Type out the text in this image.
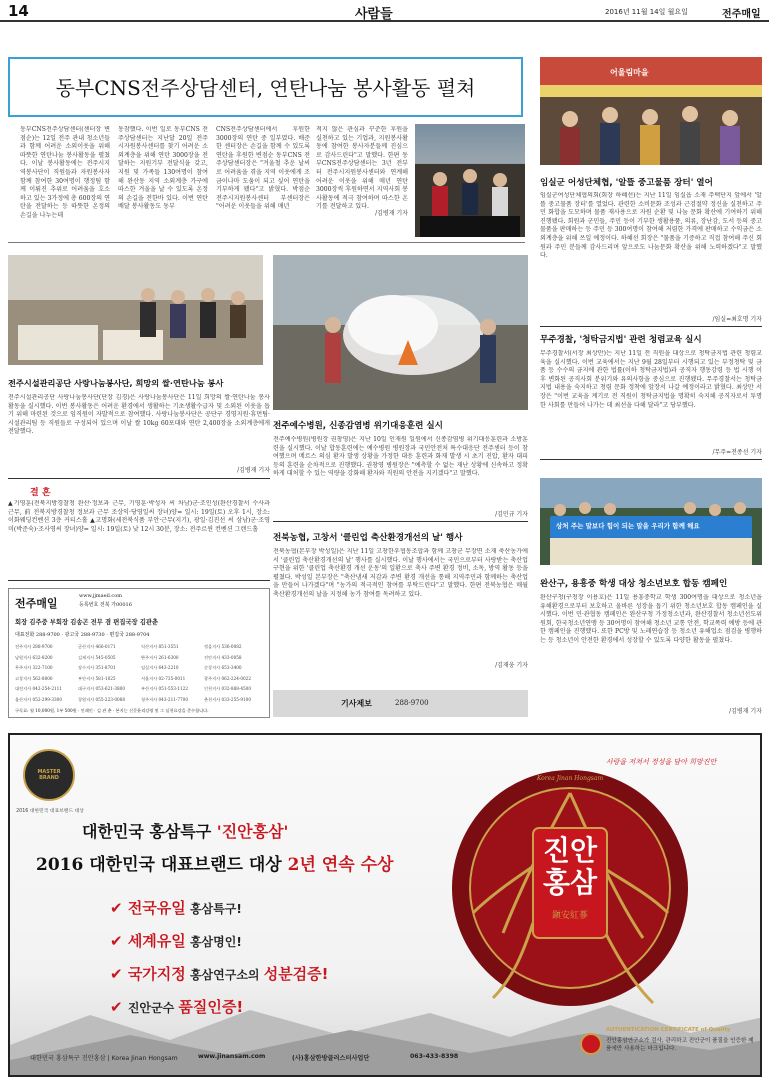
14	사람들	2016년 11월 14일 월요일	전주매일
동부CNS전주상담센터, 연탄나눔 봉사활동 펼쳐
동부CNS전주상담센터(센터장 변점순)는 12일 전주 관내 청소년들과 함께 어려운 소외이웃을 위해 따뜻한 연탄나눔 봉사활동을 펼쳤다. 이날 봉사활동에는 전주시지역봉사단이 직원들과 자원봉사자 함께 참여한 30여명이 행정팀 함께 이뤄진 추위로 어려움을 호소하고 있는 3가정에 총 600장의 연탄을 전달하는 등 따뜻한 온정의 손길을 나누는데
동참했다. 이번 일로 동부CNS 전주상담센터는 지난달 20일 전주시자원봉사센터를 찾기 어려운 소외계층을 위해 연탄 3000장을 전달하는 지원기부 전달식을 갖고, 지원 및 가족들 130여명이 참여해 완산동 지역 소외계층 가구에 따스한 겨울을 날 수 있도록 온정의 손길을 전한바 있다. 이번 연탄배달 봉사활동도 동부
CNS전주상담센터에서 후원한 3000장의 연탄 중 일부였다. 배준한 센터장은 손길을 함께 수 있도록 연탄을 후원한 변점순 동부CNS 전주상담센터장은 "겨울철 추운 날씨로 어려움을 겪을 지역 이웃에게 조금이나마 도움이 되고 싶어 연탄을 기부하게 됐다"고 밝혔다. 박점순 전주시지원봉사센터 부센터장은 "어려운 이웃들을 위해 매년
적지 않은 관심과 꾸준한 후원을 실천하고 있는 기업과, 지원봉사활동에 참여한 봉사자분들께 진심으로 감사드린다"고 말했다. 한편 동부CNS전주상담센터는 3년 전부터 전주시지원봉사센터와 연계해 어려운 이웃을 위해 매년 연탄 3000장씩 후원하면서 지역사회 봉사활동에 적극 참여하며 따스한 온기를 전달하고 있다.
/김병재 기자
어울림마을
임실군 어성단체협, '알뜰 중고물품 장터' 열어
임실군여성단체협의회(회장 하혜선)는 지난 11일 임실읍 소재 주택단지 앞에서 '알뜰 중고물품 장터'를 열었다. 관련한 소비문화 조성과 근검절약 정신을 실천하고 주민 화합을 도모하며 물품 재사용으로 자원 순환 및 나눔 문화 확산에 기여하기 위해 진행됐다. 회원과 군민들, 주민 등이 기부한 생활용품, 의류, 장난감, 도서 등의 중고물품을 판매하는 등 주민 등 300여명이 참여해 저렴한 가격에 판매하고 수익금은 소외계층을 위해 쓰일 예정이다. 하혜선 회장은 "물품을 기증하고 직접 참여해 주신 회원과 주민 분들께 감사드리며 앞으로도 나눔문화 확산을 위해 노력하겠다"고 말했다.
/임실=최호명 기자
무주경찰, '청탁금지법' 관련 청렴교육 실시
무주경찰서(서장 최상만)는 지난 11일 전 직원을 대상으로 청탁금지법 관련 청렴교육을 실시했다. 이번 교육에서는 지난 9월 28일부터 시행되고 있는 부정청탁 및 금품 등 수수의 금지에 관한 법률(이하 청탁금지법)과 공직자 행동강령 등 법 시행 이후 변화된 공직사회 분위기와 유의사항을 중심으로 진행됐다. 무주경찰서는 청탁금지법 내용을 숙지하고 청렴 문화 정착에 앞장서 나갈 예정이라고 밝혔다. 최상만 서장은 "이번 교육을 계기로 전 직원이 청탁금지법을 명확히 숙지해 공직자로서 투명한 사회를 만들어 나가는 데 최선을 다해 달라"고 당부했다.
/무주=전종선 기자
상처 주는 말보다 힘이 되는 말을 우리가 함께 해요
완산구, 용흥중 학생 대상 청소년보호 합동 캠페인
완산구청(구청장 이용호)은 11일 용흥중학교 학생 300여명을 대상으로 청소년을 유해환경으로부터 보호하고 올바른 성장을 돕기 위한 청소년보호 합동 캠페인을 실시했다. 이번 민·관협동 캠페인은 완산구청 가정청소년과, 완산경찰서 청소년선도위원회, 한국청소년연맹 등 30여명이 참여해 청소년 교통 안전, 학교폭력 예방 등에 관한 캠페인을 진행했다. 또한 PC방 및 노래연습장 등 청소년 유해업소 점검을 병행하는 등 청소년이 안전한 환경에서 성장할 수 있도록 다양한 활동을 펼쳤다.
/김병재 기자
전주시설관리공단 사랑나눔봉사단, 희망의 쌀·연탄나눔 봉사
전주시설관리공단 사랑나눔봉사단(단장 김경)은 사랑나눔봉사단은 11일 희망의 쌀·연탄나눔 봉사활동을 실시했다. 이번 봉사활동은 어려운 환경에서 생활하는 기초생활수급자 및 소외된 이웃을 돕기 위해 마련된 것으로 임직원이 자발적으로 참여했다. 사랑나눔봉사단은 공단구 경영지원·휴먼팀·시설관리팀 등 직원들로 구성되어 있으며 이날 쌀 10kg 60포대와 연탄 2,400장을 소외계층에게 전달했다.
/김병재 기자
결 혼
▲기영훈(전북지방경찰청 완산·정보과 근무, 기영훈·박성자 씨 차남)군·조인성(완산경찰서 수사과 근무, 前 전북지방경찰청 정보과 근무 조상익·당영일씨 장녀)양= 일시: 19일(토) 오후 1시, 장소: 이화웨딩컨벤션 3층 커티스홀 ▲고명화(세전북식품 부안·근무(지기), 광일·김진선 씨 삼남)군·조영미(박준숙)·조사영씨 장녀)양= 일시: 19일(토) 낮 12시 30분, 장소: 전주르윈 컨벤션 그랜드홀
전주매일
www.jjmaeil.com
등록번호 전북 가00016
회장 김주중 부회장 김송곤 전무 겸 편집국장 김관춘
대표전화 288-9700 · 광고국 288-9730 · 편집국 288-9704
전주지사 288-9700	군산지사 466-0171	익산지사 851-3551	정읍지사 536-0082
남원지사 632-8200	김제지사 545-0505	완주지사 261-6300	진안지사 433-0058
무주지사 322-7100	장수지사 351-8701	임실지사 643-2210	순창지사 653-3400
고창지사 562-8000	부안지사 581-1025	서울지사 02-735-0011	광주지사 062-224-0022
대전지사 042-254-2111	대구지사 053-621-3800	부산지사 051-553-1122	인천지사 032-888-4500
울산지사 052-299-3300	창원지사 055-223-0088	청주지사 043-211-7700	춘천지사 033-255-9100
구독료: 월 10,000원, 1부 500원 · 인쇄인 · 김 관 춘 · 본지는 신문윤리강령 및 그 실천요강을 준수합니다.
전주예수병원, 신종감염병 위기대응훈련 실시
전주예수병원(병원장 권창영)은 지난 10일 인재원 일원에서 신종감염병 위기대응훈련과 소방훈련을 실시했다. 이날 합동훈련에는 예수병원 병원장과 국민안전처 특수대응단 전주센터 등이 참여했으며 메르스 의심 환자 발생 상황을 가정한 대응 훈련과 화재 발생 시 초기 진압, 환자 대피 등의 훈련을 순차적으로 진행했다. 권창영 병원장은 "예측할 수 없는 재난 상황에 신속하고 정확하게 대처할 수 있는 역량을 강화해 환자와 직원의 안전을 지키겠다"고 말했다.
/김민규 기자
전북농협, 고창서 '클린업 축산환경개선의 날' 행사
전북농협(본부장 박성일)은 지난 11일 고창한우협동조합과 함께 고창군 무장면 소재 축산농가에서 '클린업 축산환경개선의 날' 행사를 실시했다. 이날 행사에서는 국민으로부터 사랑받는 축산업 구현을 위한 '클린업 축산환경 개선 운동'의 일환으로 축사 주변 환경 정비, 소독, 방역 활동 등을 펼쳤다. 박성일 본부장은 "축산냄새 저감과 주변 환경 개선을 통해 지역주민과 함께하는 축산업을 만들어 나가겠다"며 "농가의 적극적인 참여를 부탁드린다"고 말했다. 한편 전북농협은 매월 축산환경개선의 날을 지정해 농가 참여를 독려하고 있다.
/김재웅 기자
기사제보	288-9700
MASTER BRAND
2016 대한민국 대표브랜드 대상
사랑을 저쳐서 정성을 담아 희망진안
대한민국 홍삼특구 '진안홍삼'
2016 대한민국 대표브랜드 대상 2년 연속 수상
✔ 전국유일 홍삼특구!
✔ 세계유일 홍삼명인!
✔ 국가지정 홍삼연구소의 성분검증!
✔ 진안군수 품질인증!
Korea Jinan Hongsam
진안
홍삼
鎭安紅蔘
AUTHENTICATION CERTIFICATE of Quality
진안홍삼연구소가 검사, 관리하고 진안군이 품질을 인증한 제품에만 사용하는 마크입니다.
대한민국 홍삼특구 진안홍삼 | Korea Jinan Hongsam	www.jinansam.com	(사)홍삼한방클러스터사업단	063-433-8398
